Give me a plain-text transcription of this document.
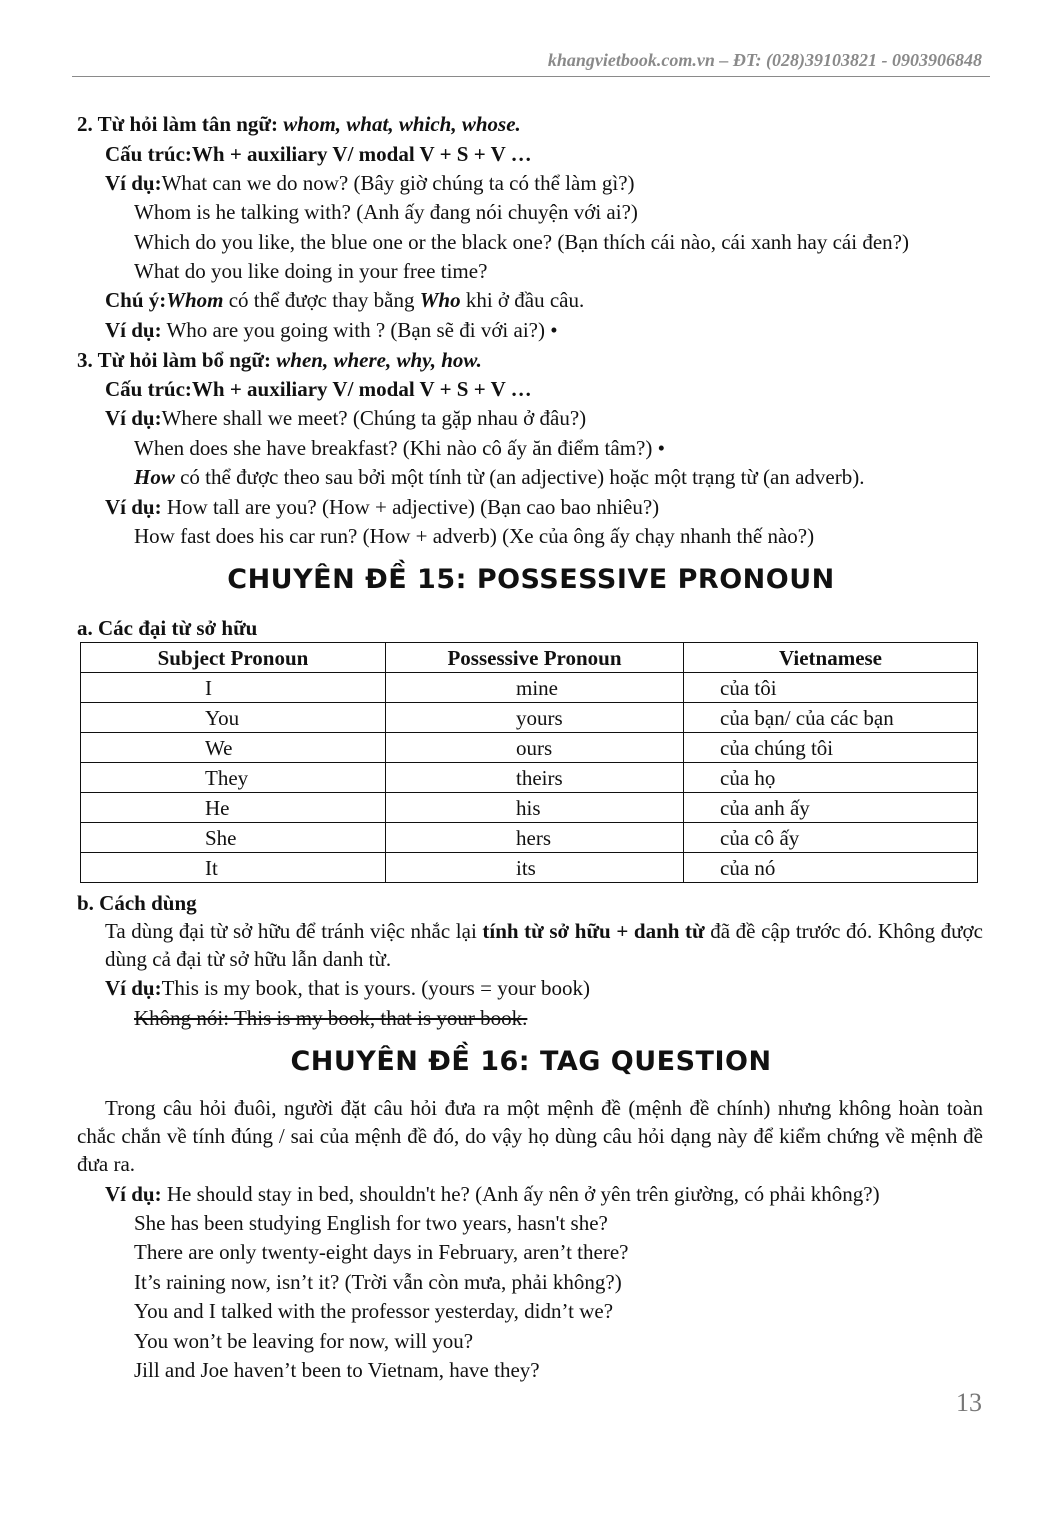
khangvietbook.com.vn – ĐT: (028)39103821 - 0903906848
2. Từ hỏi làm tân ngữ: whom, what, which, whose.
Cấu trúc:Wh + auxiliary V/ modal V + S + V …
Ví dụ:What can we do now? (Bây giờ chúng ta có thể làm gì?)
Whom is he talking with? (Anh ấy đang nói chuyện với ai?)
Which do you like, the blue one or the black one? (Bạn thích cái nào, cái xanh hay cái đen?)
What do you like doing in your free time?
Chú ý:Whom có thể được thay bằng Who khi ở đầu câu.
Ví dụ: Who are you going with ? (Bạn sẽ đi với ai?) •
3. Từ hỏi làm bổ ngữ: when, where, why, how.
Cấu trúc:Wh + auxiliary V/ modal V + S + V …
Ví dụ:Where shall we meet? (Chúng ta gặp nhau ở đâu?)
When does she have breakfast? (Khi nào cô ấy ăn điểm tâm?) •
How có thể được theo sau bởi một tính từ (an adjective) hoặc một trạng từ (an adverb).
Ví dụ: How tall are you? (How + adjective) (Bạn cao bao nhiêu?)
How fast does his car run? (How + adverb) (Xe của ông ấy chạy nhanh thế nào?)
CHUYÊN ĐỀ 15: POSSESSIVE PRONOUN
a. Các đại từ sở hữu
Subject Pronoun	Possessive Pronoun	Vietnamese
I	mine	của tôi
You	yours	của bạn/ của các bạn
We	ours	của chúng tôi
They	theirs	của họ
He	his	của anh ấy
She	hers	của cô ấy
It	its	của nó
b. Cách dùng
Ta dùng đại từ sở hữu để tránh việc nhắc lại tính từ sở hữu + danh từ đã đề cập trước đó. Không được dùng cả đại từ sở hữu lẫn danh từ.
Ví dụ:This is my book, that is yours. (yours = your book)
Không nói: This is my book, that is your book.
CHUYÊN ĐỀ 16: TAG QUESTION
Trong câu hỏi đuôi, người đặt câu hỏi đưa ra một mệnh đề (mệnh đề chính) nhưng không hoàn toàn chắc chắn về tính đúng / sai của mệnh đề đó, do vậy họ dùng câu hỏi dạng này để kiểm chứng về mệnh đề đưa ra.
Ví dụ: He should stay in bed, shouldn't he? (Anh ấy nên ở yên trên giường, có phải không?)
She has been studying English for two years, hasn't she?
There are only twenty-eight days in February, aren’t there?
It’s raining now, isn’t it? (Trời vẫn còn mưa, phải không?)
You and I talked with the professor yesterday, didn’t we?
You won’t be leaving for now, will you?
Jill and Joe haven’t been to Vietnam, have they?
13
